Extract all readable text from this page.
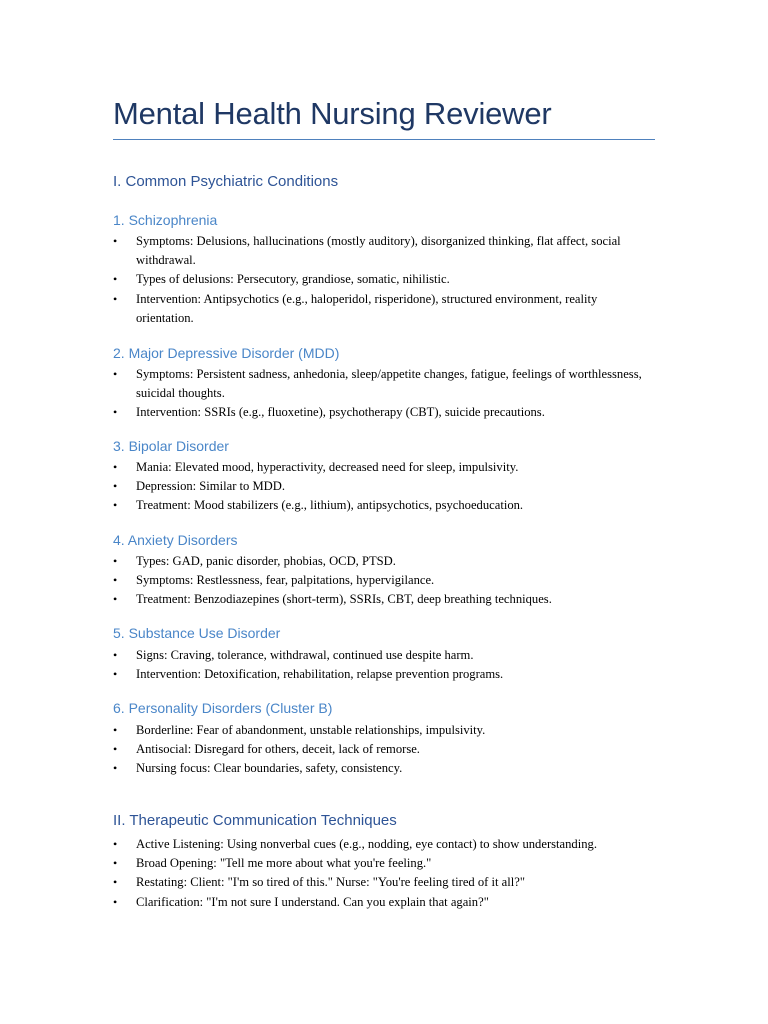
Mental Health Nursing Reviewer
I. Common Psychiatric Conditions
1. Schizophrenia
• Symptoms: Delusions, hallucinations (mostly auditory), disorganized thinking, flat affect, social withdrawal.
• Types of delusions: Persecutory, grandiose, somatic, nihilistic.
• Intervention: Antipsychotics (e.g., haloperidol, risperidone), structured environment, reality orientation.
2. Major Depressive Disorder (MDD)
• Symptoms: Persistent sadness, anhedonia, sleep/appetite changes, fatigue, feelings of worthlessness, suicidal thoughts.
• Intervention: SSRIs (e.g., fluoxetine), psychotherapy (CBT), suicide precautions.
3. Bipolar Disorder
• Mania: Elevated mood, hyperactivity, decreased need for sleep, impulsivity.
• Depression: Similar to MDD.
• Treatment: Mood stabilizers (e.g., lithium), antipsychotics, psychoeducation.
4. Anxiety Disorders
• Types: GAD, panic disorder, phobias, OCD, PTSD.
• Symptoms: Restlessness, fear, palpitations, hypervigilance.
• Treatment: Benzodiazepines (short-term), SSRIs, CBT, deep breathing techniques.
5. Substance Use Disorder
• Signs: Craving, tolerance, withdrawal, continued use despite harm.
• Intervention: Detoxification, rehabilitation, relapse prevention programs.
6. Personality Disorders (Cluster B)
• Borderline: Fear of abandonment, unstable relationships, impulsivity.
• Antisocial: Disregard for others, deceit, lack of remorse.
• Nursing focus: Clear boundaries, safety, consistency.
II. Therapeutic Communication Techniques
• Active Listening: Using nonverbal cues (e.g., nodding, eye contact) to show understanding.
• Broad Opening: "Tell me more about what you're feeling."
• Restating: Client: "I'm so tired of this." Nurse: "You're feeling tired of it all?"
• Clarification: "I'm not sure I understand. Can you explain that again?"
